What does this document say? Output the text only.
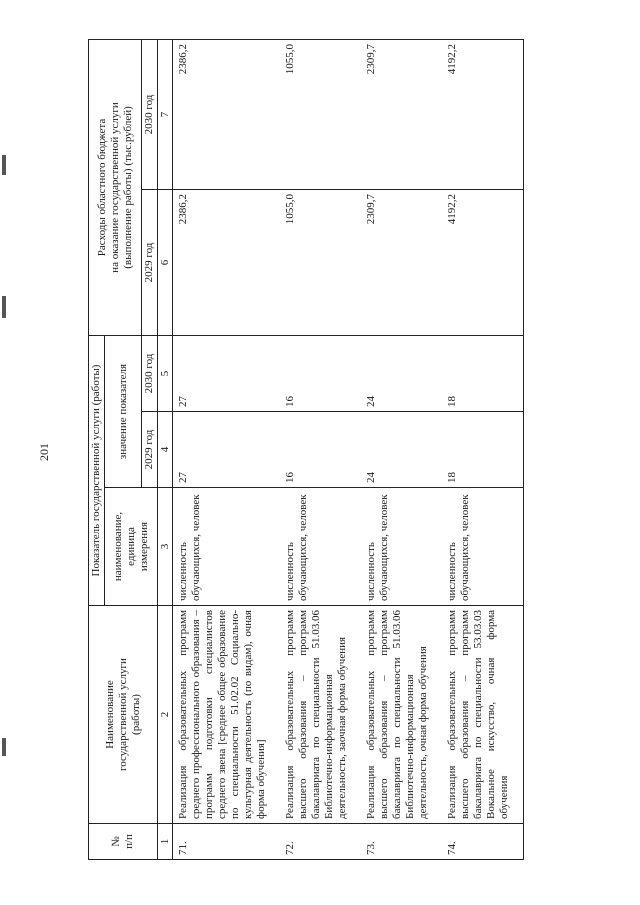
201
№
п/п	Наименование
государственной услуги
(работы)	Показатель государственной услуги (работы)			Расходы областного бюджета
на оказание государственной услуги
(выполнение работы) (тыс.рублей)	
		наименование,
единица
измерения	значение показателя			
			2029 год	2030 год	2029 год	2030 год
1	2	3	4	5	6	7
71.	Реализация образовательных программ среднего профессионального образования – программ подготовки специалистов среднего звена [среднее общее образование по специальности 51.02.02 Социально-культурная деятельность (по видам), очная форма обучения]	численность обучающихся, человек	27	27	2386,2	2386,2
72.	Реализация образовательных программ высшего образования – программ бакалавриата по специальности 51.03.06 Библиотечно-информационная деятельность, заочная форма обучения	численность обучающихся, человек	16	16	1055,0	1055,0
73.	Реализация образовательных программ высшего образования – программ бакалавриата по специальности 51.03.06 Библиотечно-информационная деятельность, очная форма обучения	численность обучающихся, человек	24	24	2309,7	2309,7
74.	Реализация образовательных программ высшего образования – программ бакалавриата по специальности 53.03.03 Вокальное искусство, очная форма обучения	численность обучающихся, человек	18	18	4192,2	4192,2
